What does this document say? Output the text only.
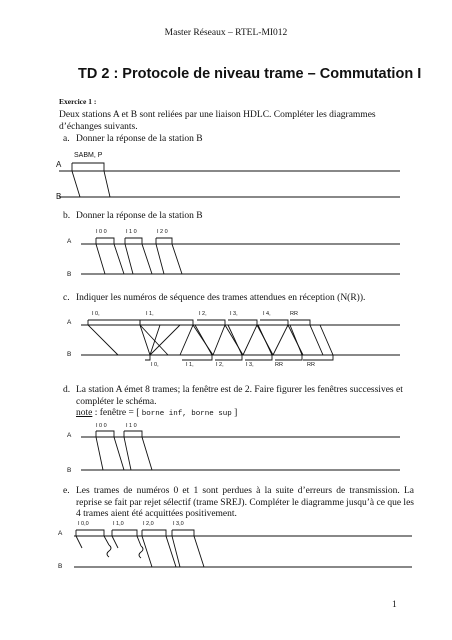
Master Réseaux – RTEL-MI012
TD 2 : Protocole de niveau trame – Commutation I
Exercice 1 :
Deux stations A et B sont reliées par une liaison HDLC. Compléter les diagrammes d’échanges suivants.
a. Donner la réponse de la station B
b. Donner la réponse de la station B
c. Indiquer les numéros de séquence des trames attendues en réception (N(R)).
d. La station A émet 8 trames; la fenêtre est de 2. Faire figurer les fenêtres successives et compléter le schéma.
note : fenêtre = [ borne inf, borne sup ]
e. Les trames de numéros 0 et 1 sont perdues à la suite d’erreurs de transmission. La reprise se fait par rejet sélectif (trame SREJ). Compléter le diagramme jusqu’à ce que les 4 trames aient été acquittées positivement.
A
B
A
B
A
B
A
B
A
B
SABM, P
I 0 0	I 1 0	I 2 0
I 0,	I 1,	I 2,	I 3,	I 4,	RR
I 0,	I 1,	I 2,	I 3,	RR	RR
I 0 0	I 1 0
I 0,0	I 1,0	I 2,0	I 3,0
1
